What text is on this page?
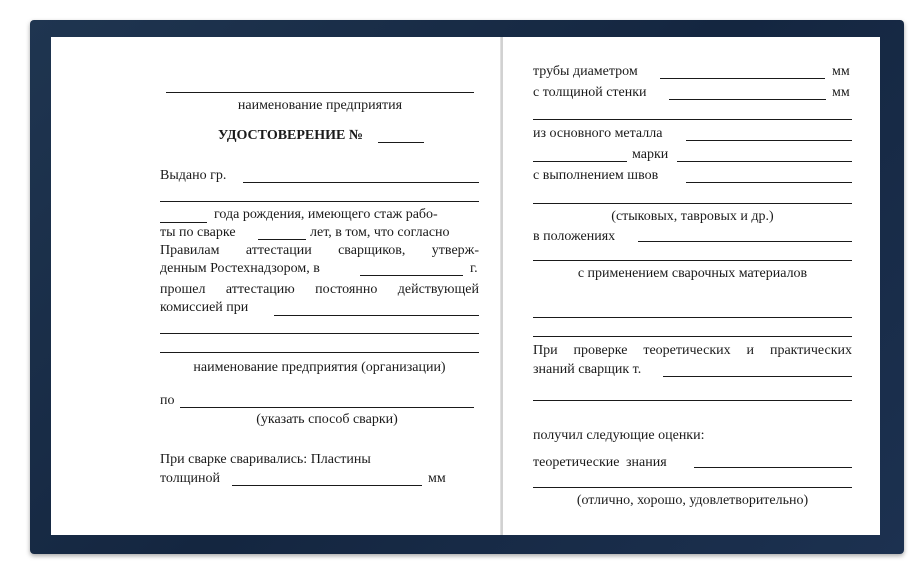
наименование предприятия
УДОСТОВЕРЕНИЕ №
Выдано гр.
года рождения, имеющего стаж рабо-
ты по сварке	лет, в том, что согласно
Правилам аттестации сварщиков, утверж-
денным Ростехнадзором, в	г.
прошел аттестацию постоянно действующей
комиссией при
наименование предприятия (организации)
по
(указать способ сварки)
При сварке сваривались: Пластины
толщиной	мм
трубы диаметром	мм
с толщиной стенки	мм
из основного металла
марки
с выполнением швов
(стыковых, тавровых и др.)
в положениях
с применением сварочных материалов
При проверке теоретических и практических
знаний сварщик т.
получил следующие оценки:
теоретические знания
(отлично, хорошо, удовлетворительно)
